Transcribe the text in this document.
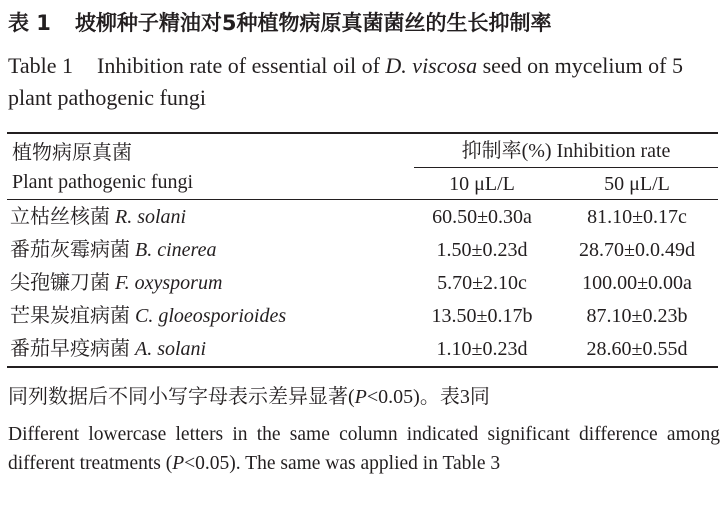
表 1 坡柳种子精油对5种植物病原真菌菌丝的生长抑制率
Table 1 Inhibition rate of essential oil of D. viscosa seed on mycelium of 5 plant pathogenic fungi
植物病原真菌
Plant pathogenic fungi
抑制率(%) Inhibition rate
10 μL/L	50 μL/L
立枯丝核菌 R. solani	60.50±0.30a	81.10±0.17c
番茄灰霉病菌 B. cinerea	1.50±0.23d	28.70±0.0.49d
尖孢镰刀菌 F. oxysporum	5.70±2.10c	100.00±0.00a
芒果炭疽病菌 C. gloeosporioides	13.50±0.17b	87.10±0.23b
番茄早疫病菌 A. solani	1.10±0.23d	28.60±0.55d
同列数据后不同小写字母表示差异显著(P<0.05)。表3同
Different lowercase letters in the same column indicated significant difference among different treatments (P<0.05). The same was applied in Table 3
